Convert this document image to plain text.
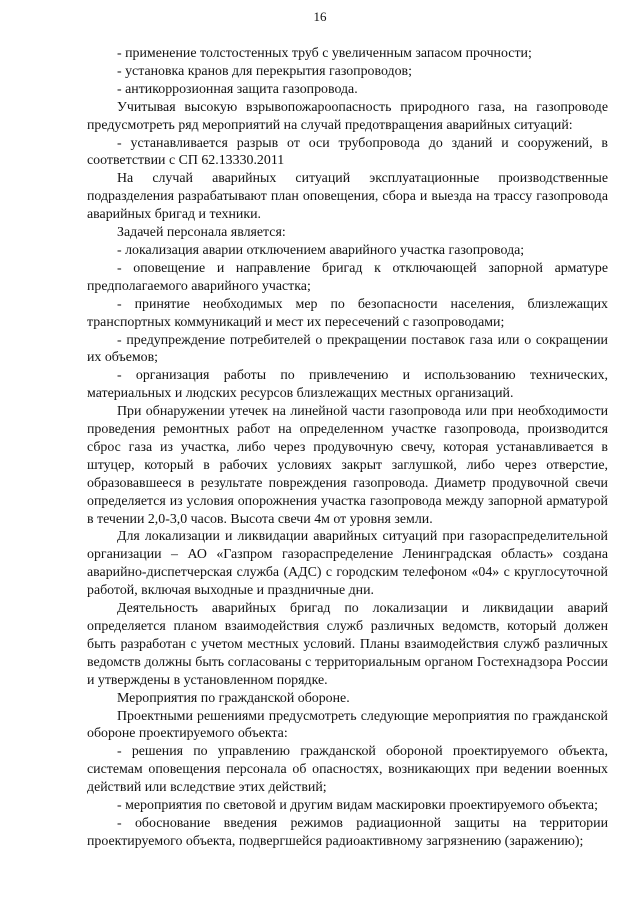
16

- применение толстостенных труб с увеличенным запасом прочности;

- установка кранов для перекрытия газопроводов;

- антикоррозионная защита газопровода.

Учитывая высокую взрывопожароопасность природного газа, на газопроводе предусмотреть ряд мероприятий на случай предотвращения аварийных ситуаций:

- устанавливается разрыв от оси трубопровода до зданий и сооружений, в соответствии с СП 62.13330.2011

На случай аварийных ситуаций эксплуатационные производственные подразделения разрабатывают план оповещения, сбора и выезда на трассу газопровода аварийных бригад и техники.

Задачей персонала является:

- локализация аварии отключением аварийного участка газопровода;

- оповещение и направление бригад к отключающей запорной арматуре предполагаемого аварийного участка;

- принятие необходимых мер по безопасности населения, близлежащих транспортных коммуникаций и мест их пересечений с газопроводами;

- предупреждение потребителей о прекращении поставок газа или о сокращении их объемов;

- организация работы по привлечению и использованию технических, материальных и людских ресурсов близлежащих местных организаций.

При обнаружении утечек на линейной части газопровода или при необходимости проведения ремонтных работ на определенном участке газопровода, производится сброс газа из участка, либо через продувочную свечу, которая устанавливается в штуцер, который в рабочих условиях закрыт заглушкой, либо через отверстие, образовавшееся в результате повреждения газопровода. Диаметр продувочной свечи определяется из условия опорожнения участка газопровода между запорной арматурой в течении 2,0-3,0 часов. Высота свечи 4м от уровня земли.

Для локализации и ликвидации аварийных ситуаций при газораспределительной организации – АО «Газпром газораспределение Ленинградская область» создана аварийно-диспетчерская служба (АДС) с городским телефоном «04» с круглосуточной работой, включая выходные и праздничные дни.

Деятельность аварийных бригад по локализации и ликвидации аварий определяется планом взаимодействия служб различных ведомств, который должен быть разработан с учетом местных условий. Планы взаимодействия служб различных ведомств должны быть согласованы с территориальным органом Гостехнадзора России и утверждены в установленном порядке.

Мероприятия по гражданской обороне.

Проектными решениями предусмотреть следующие мероприятия по гражданской обороне проектируемого объекта:

- решения по управлению гражданской обороной проектируемого объекта, системам оповещения персонала об опасностях, возникающих при ведении военных действий или вследствие этих действий;

- мероприятия по световой и другим видам маскировки проектируемого объекта;

- обоснование введения режимов радиационной защиты на территории проектируемого объекта, подвергшейся радиоактивному загрязнению (заражению);
